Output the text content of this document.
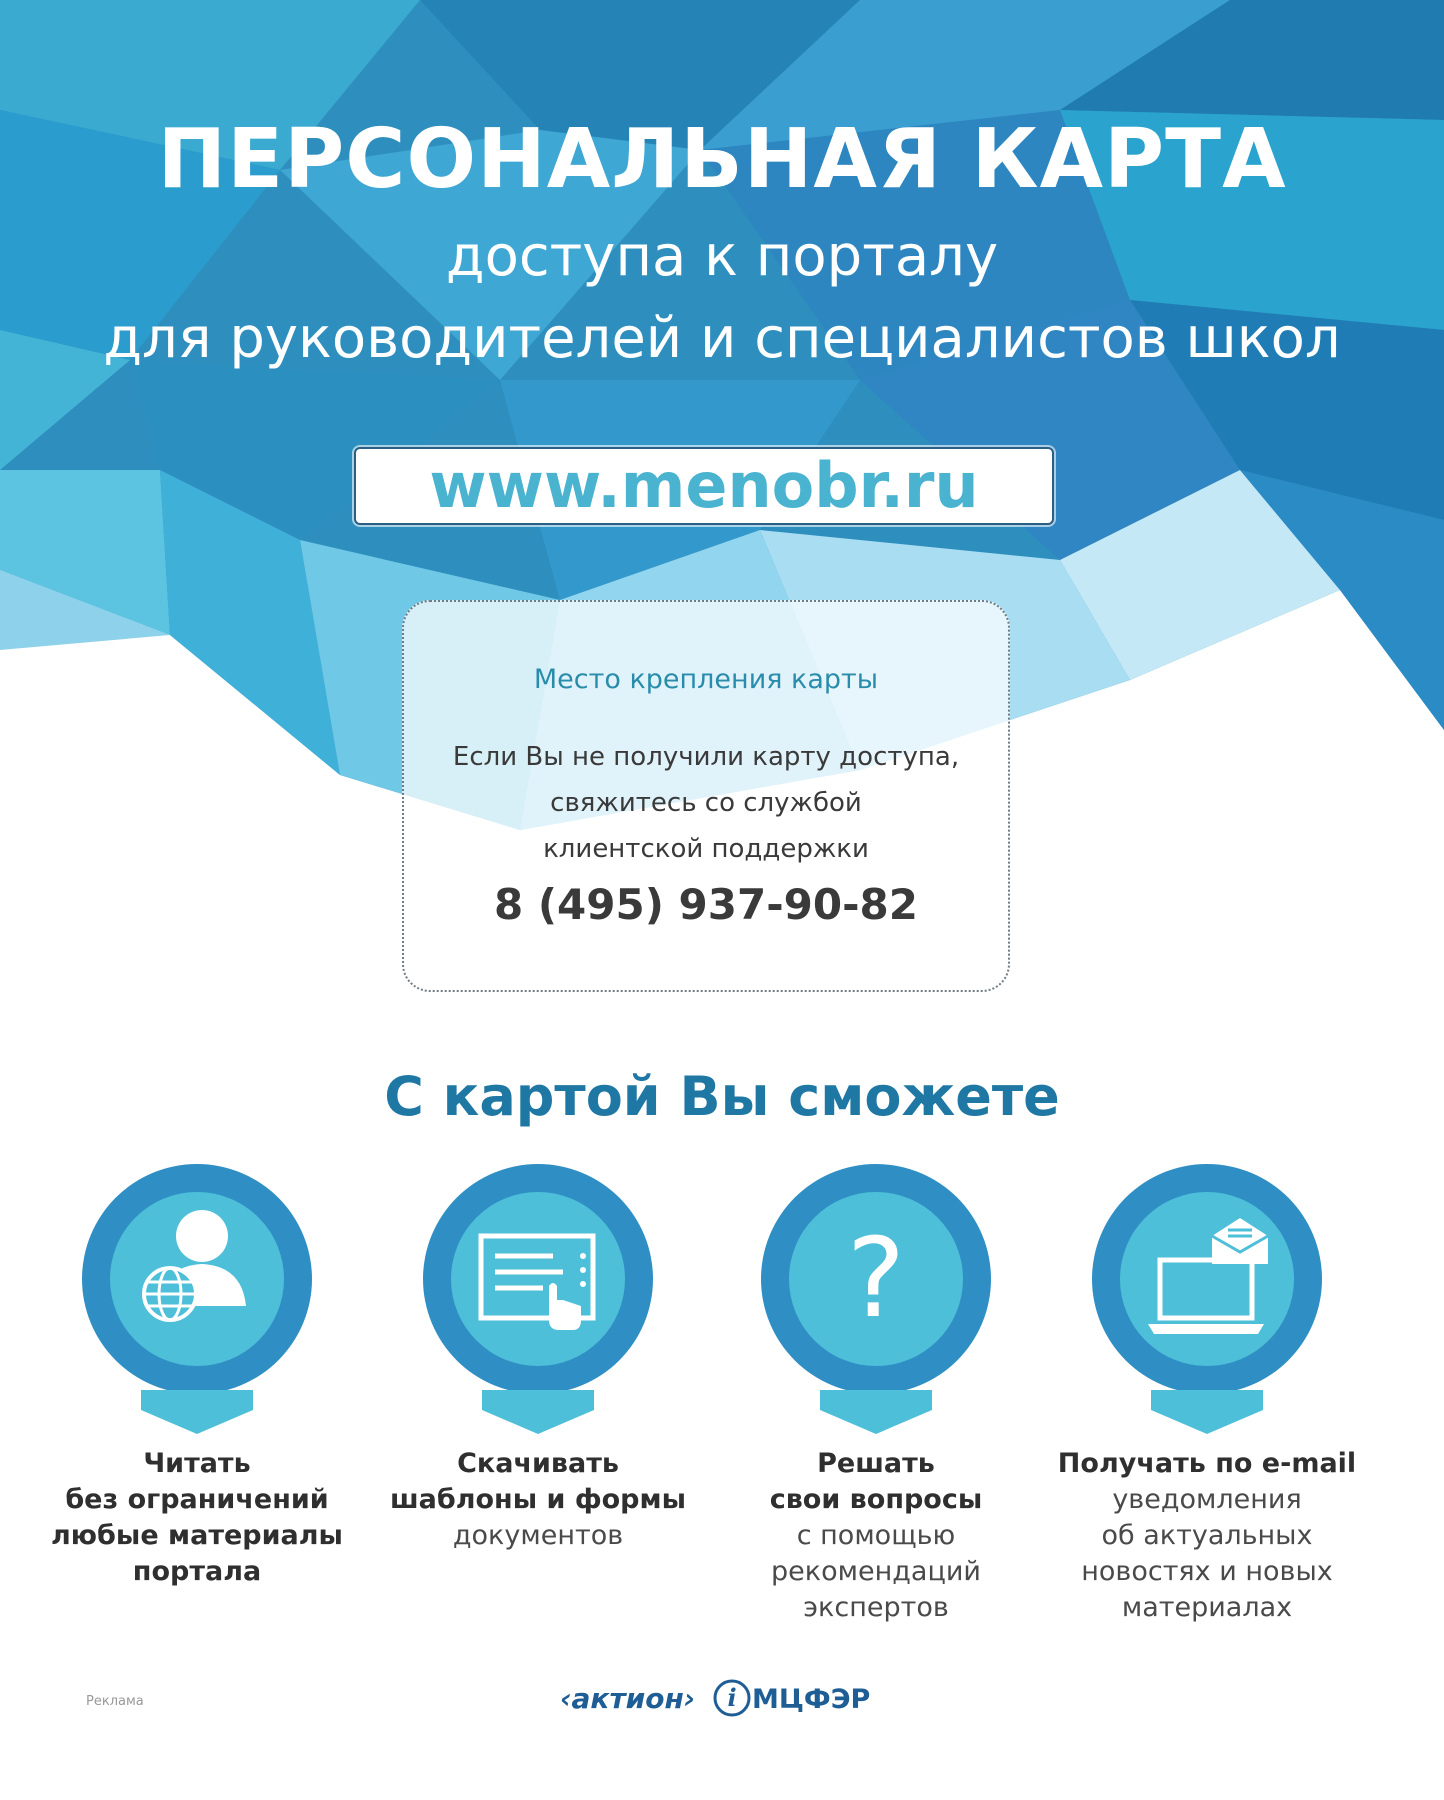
ПЕРСОНАЛЬНАЯ КАРТА
доступа к порталу
для руководителей и специалистов школ
www.menobr.ru
Место крепления карты
Если Вы не получили карту доступа,
свяжитесь со службой
клиентской поддержки
8 (495) 937-90-82
С картой Вы сможете
Читать
без ограничений
любые материалы
портала
Скачивать
шаблоны и формы
документов
?
Решать
свои вопросы
с помощью
рекомендаций
экспертов
Получать по e-mail
уведомления
об актуальных
новостях и новых
материалах
Реклама	‹актион› i МЦФЭР
